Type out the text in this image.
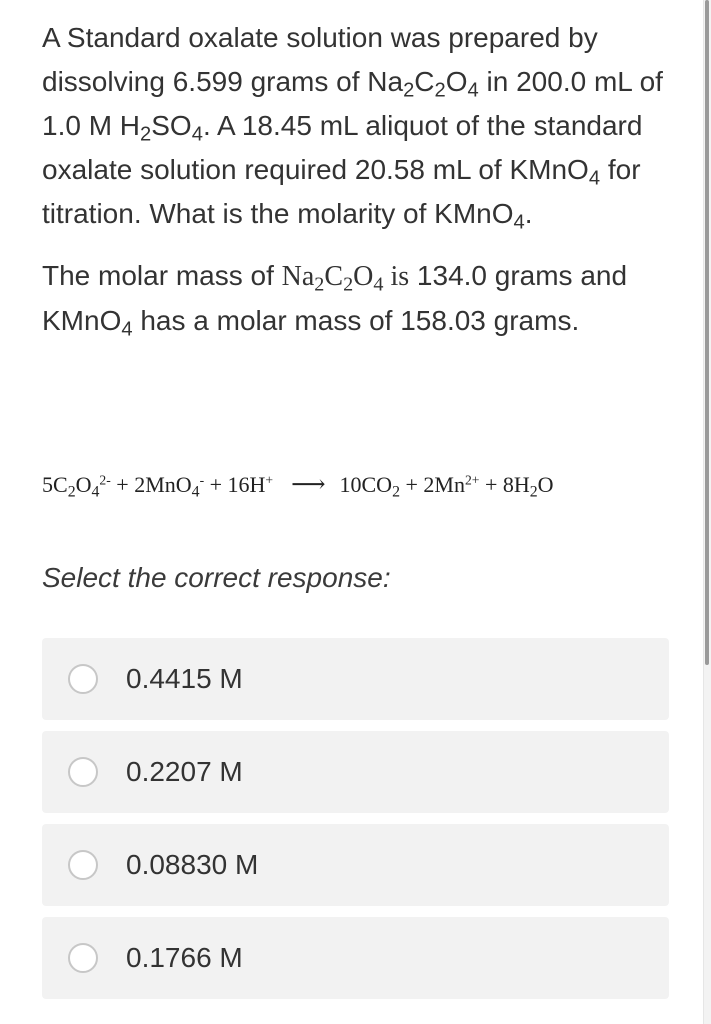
A Standard oxalate solution was prepared by dissolving 6.599 grams of $Na_2C_2O_4$ in 200.0 mL of 1.0 M $H_2SO_4$. A 18.45 mL aliquot of the standard oxalate solution required 20.58 mL of KMnO$_4$ for titration. What is the molarity of KMnO$_4$.

The molar mass of $Na_2C_2O_4$ is 134.0 grams and KMnO$_4$ has a molar mass of 158.03 grams.

$5C_2O_4^{2-} + 2MnO_4^- + 16H^+$ ⟶ $10CO_2 + 2Mn^{2+} + 8H_2O$
Select the correct response:
0.4415 M
0.2207 M
0.08830 M
0.1766 M
